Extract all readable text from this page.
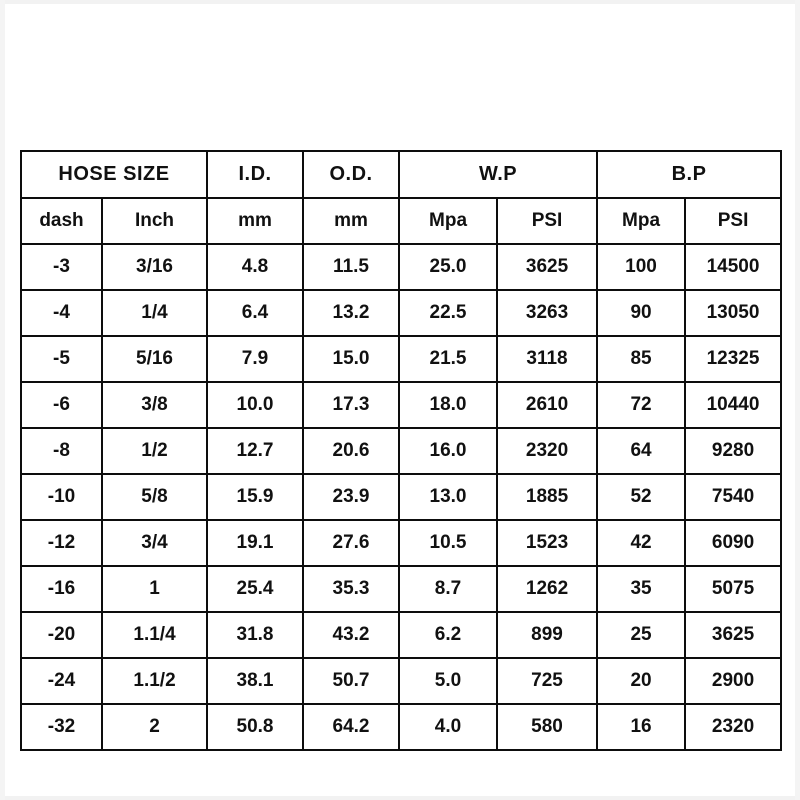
HOSE SIZE		I.D.	O.D.	W.P		B.P	
dash	Inch	mm	mm	Mpa	PSI	Mpa	PSI
-3	3/16	4.8	11.5	25.0	3625	100	14500
-4	1/4	6.4	13.2	22.5	3263	90	13050
-5	5/16	7.9	15.0	21.5	3118	85	12325
-6	3/8	10.0	17.3	18.0	2610	72	10440
-8	1/2	12.7	20.6	16.0	2320	64	9280
-10	5/8	15.9	23.9	13.0	1885	52	7540
-12	3/4	19.1	27.6	10.5	1523	42	6090
-16	1	25.4	35.3	8.7	1262	35	5075
-20	1.1/4	31.8	43.2	6.2	899	25	3625
-24	1.1/2	38.1	50.7	5.0	725	20	2900
-32	2	50.8	64.2	4.0	580	16	2320
